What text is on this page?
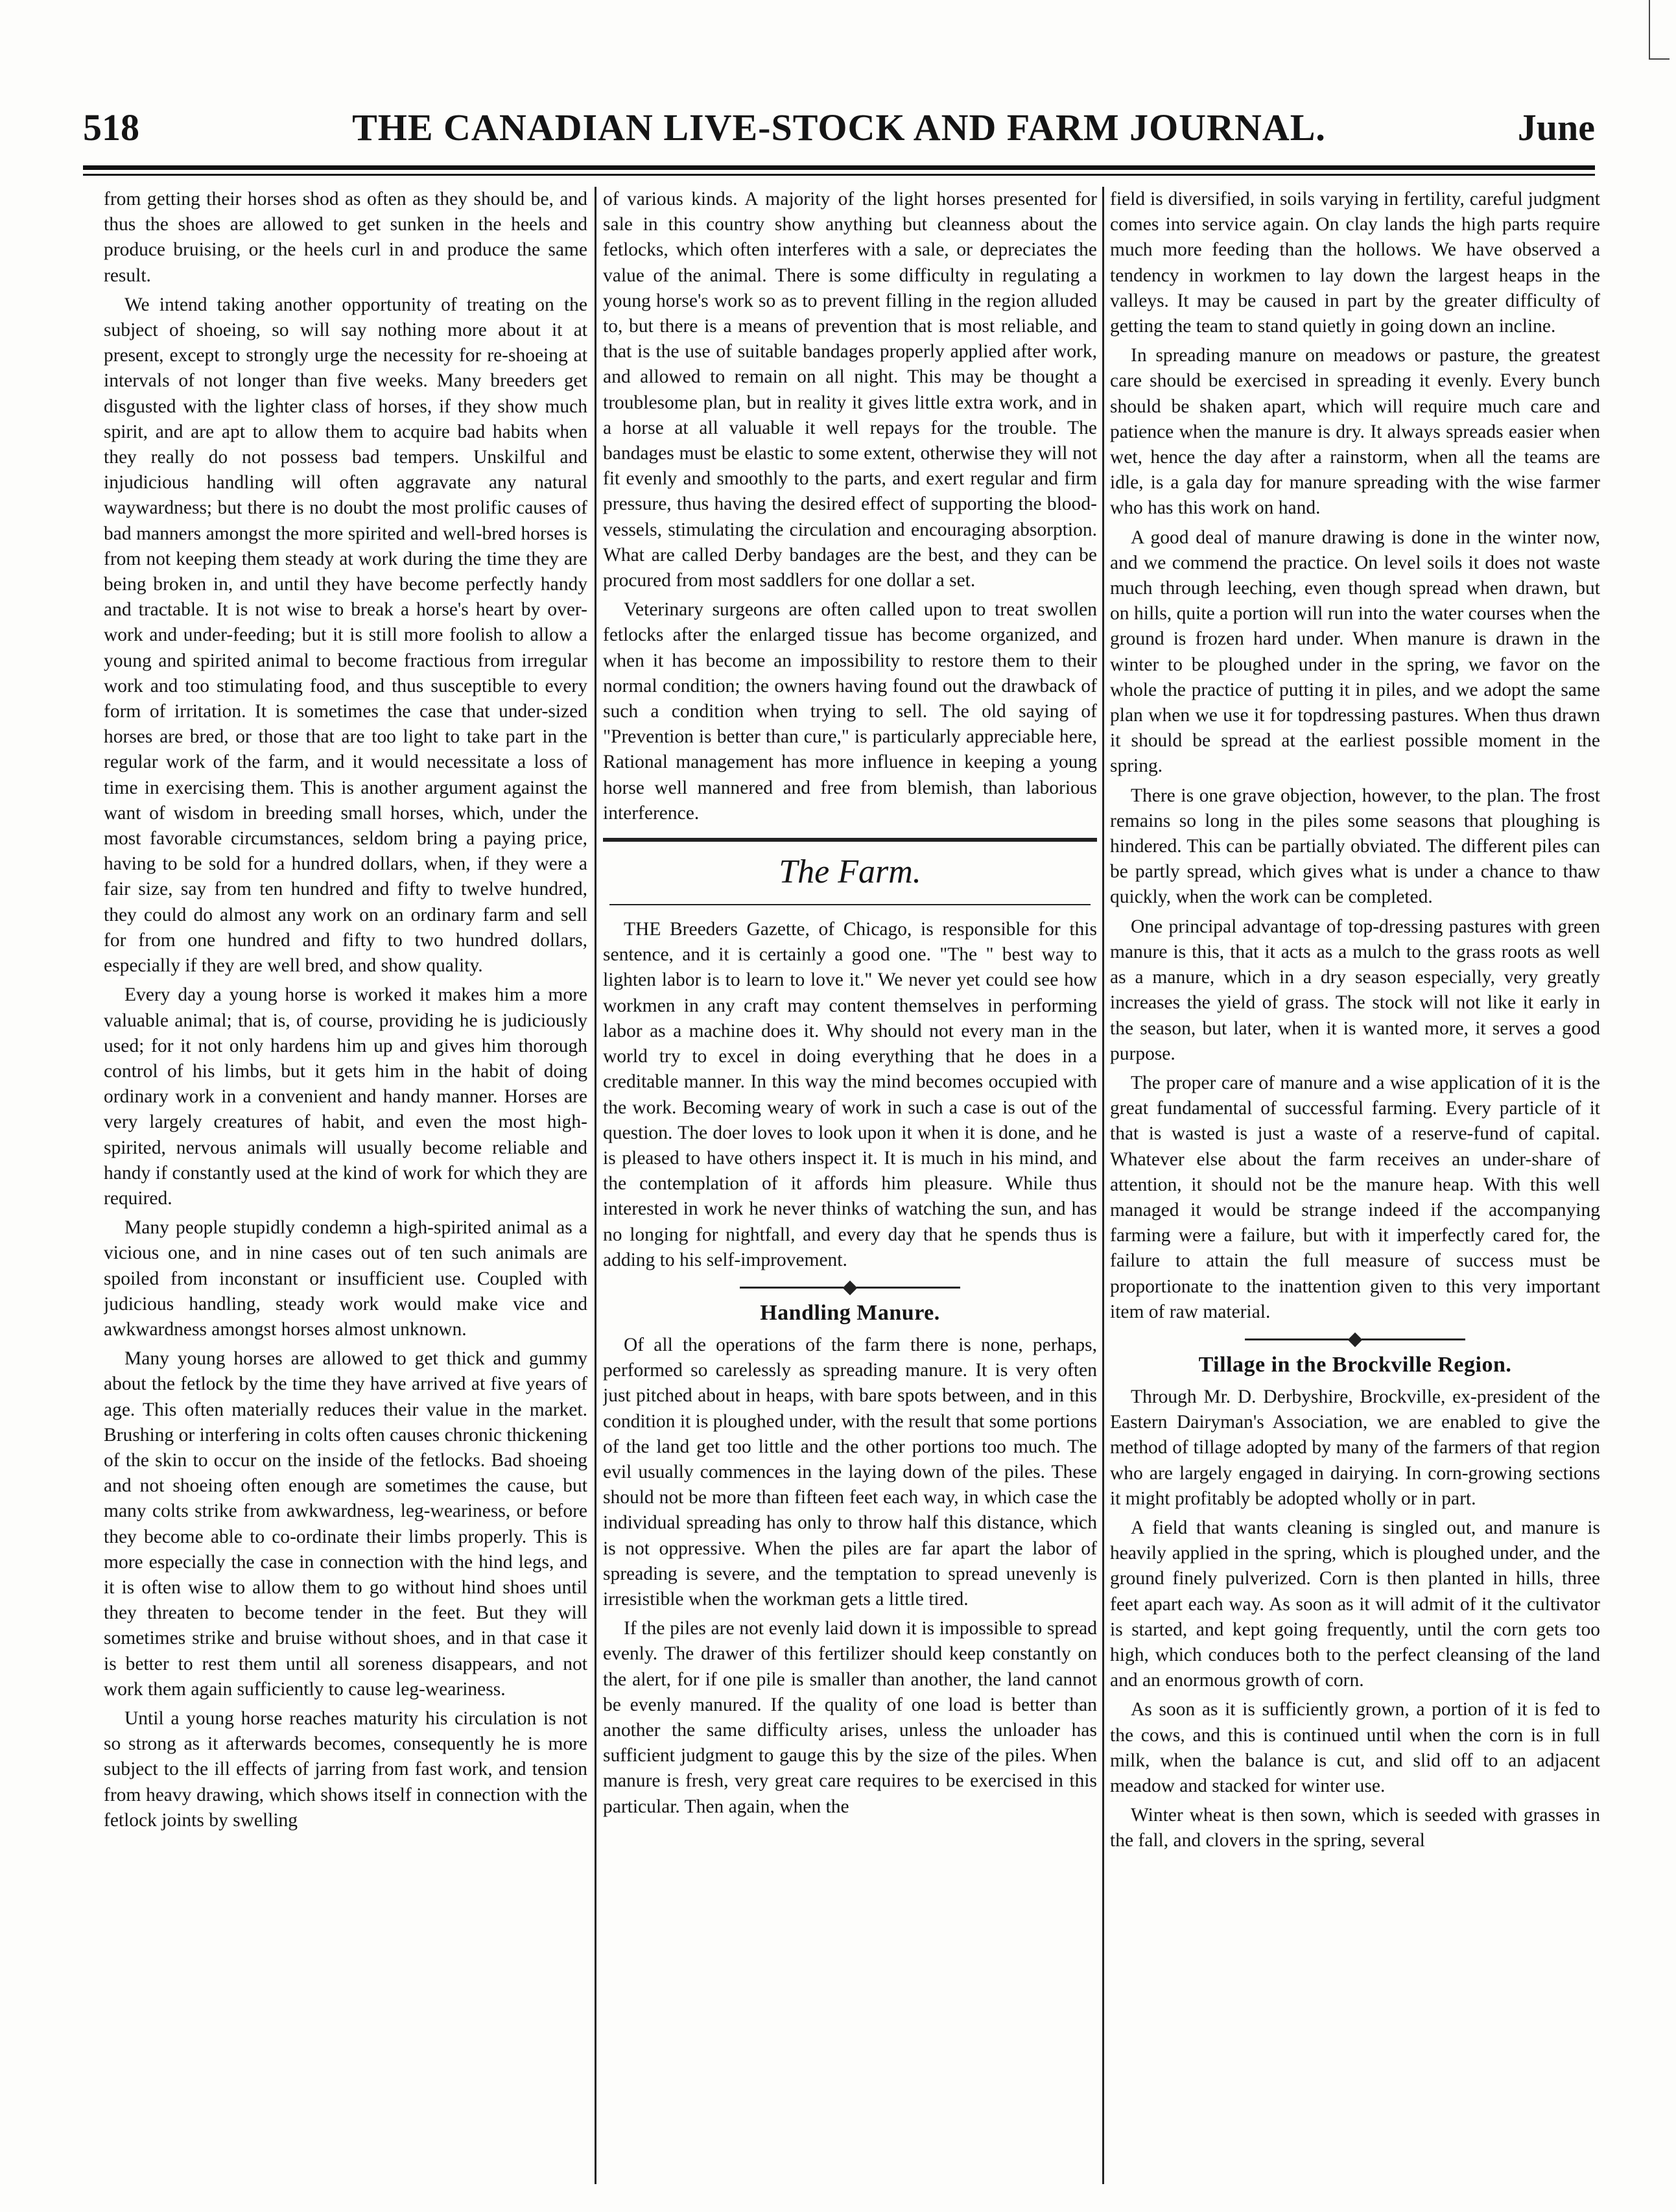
518	THE CANADIAN LIVE-STOCK AND FARM JOURNAL.	June

from getting their horses shod as often as they should be, and thus the shoes are allowed to get sunken in the heels and produce bruising, or the heels curl in and produce the same result.

We intend taking another opportunity of treating on the subject of shoeing, so will say nothing more about it at present, except to strongly urge the necessity for re-shoeing at intervals of not longer than five weeks. Many breeders get disgusted with the lighter class of horses, if they show much spirit, and are apt to allow them to acquire bad habits when they really do not possess bad tempers. Unskilful and injudicious handling will often aggravate any natural waywardness; but there is no doubt the most prolific causes of bad manners amongst the more spirited and well-bred horses is from not keeping them steady at work during the time they are being broken in, and until they have become perfectly handy and tractable. It is not wise to break a horse's heart by over-work and under-feeding; but it is still more foolish to allow a young and spirited animal to become fractious from irregular work and too stimulating food, and thus susceptible to every form of irritation. It is sometimes the case that under-sized horses are bred, or those that are too light to take part in the regular work of the farm, and it would necessitate a loss of time in exercising them. This is another argument against the want of wisdom in breeding small horses, which, under the most favorable circumstances, seldom bring a paying price, having to be sold for a hundred dollars, when, if they were a fair size, say from ten hundred and fifty to twelve hundred, they could do almost any work on an ordinary farm and sell for from one hundred and fifty to two hundred dollars, especially if they are well bred, and show quality.

Every day a young horse is worked it makes him a more valuable animal; that is, of course, providing he is judiciously used; for it not only hardens him up and gives him thorough control of his limbs, but it gets him in the habit of doing ordinary work in a convenient and handy manner. Horses are very largely creatures of habit, and even the most high-spirited, nervous animals will usually become reliable and handy if constantly used at the kind of work for which they are required.

Many people stupidly condemn a high-spirited animal as a vicious one, and in nine cases out of ten such animals are spoiled from inconstant or insufficient use. Coupled with judicious handling, steady work would make vice and awkwardness amongst horses almost unknown.

Many young horses are allowed to get thick and gummy about the fetlock by the time they have arrived at five years of age. This often materially reduces their value in the market. Brushing or interfering in colts often causes chronic thickening of the skin to occur on the inside of the fetlocks. Bad shoeing and not shoeing often enough are sometimes the cause, but many colts strike from awkwardness, leg-weariness, or before they become able to co-ordinate their limbs properly. This is more especially the case in connection with the hind legs, and it is often wise to allow them to go without hind shoes until they threaten to become tender in the feet. But they will sometimes strike and bruise without shoes, and in that case it is better to rest them until all soreness disappears, and not work them again sufficiently to cause leg-weariness.

Until a young horse reaches maturity his circulation is not so strong as it afterwards becomes, consequently he is more subject to the ill effects of jarring from fast work, and tension from heavy drawing, which shows itself in connection with the fetlock joints by swelling

of various kinds. A majority of the light horses presented for sale in this country show anything but cleanness about the fetlocks, which often interferes with a sale, or depreciates the value of the animal. There is some difficulty in regulating a young horse's work so as to prevent filling in the region alluded to, but there is a means of prevention that is most reliable, and that is the use of suitable bandages properly applied after work, and allowed to remain on all night. This may be thought a troublesome plan, but in reality it gives little extra work, and in a horse at all valuable it well repays for the trouble. The bandages must be elastic to some extent, otherwise they will not fit evenly and smoothly to the parts, and exert regular and firm pressure, thus having the desired effect of supporting the blood-vessels, stimulating the circulation and encouraging absorption. What are called Derby bandages are the best, and they can be procured from most saddlers for one dollar a set.

Veterinary surgeons are often called upon to treat swollen fetlocks after the enlarged tissue has become organized, and when it has become an impossibility to restore them to their normal condition; the owners having found out the drawback of such a condition when trying to sell. The old saying of "Prevention is better than cure," is particularly appreciable here, Rational management has more influence in keeping a young horse well mannered and free from blemish, than laborious interference.

The Farm.

THE Breeders Gazette, of Chicago, is responsible for this sentence, and it is certainly a good one. "The " best way to lighten labor is to learn to love it." We never yet could see how workmen in any craft may content themselves in performing labor as a machine does it. Why should not every man in the world try to excel in doing everything that he does in a creditable manner. In this way the mind becomes occupied with the work. Becoming weary of work in such a case is out of the question. The doer loves to look upon it when it is done, and he is pleased to have others inspect it. It is much in his mind, and the contemplation of it affords him pleasure. While thus interested in work he never thinks of watching the sun, and has no longing for nightfall, and every day that he spends thus is adding to his self-improvement.

Handling Manure.

Of all the operations of the farm there is none, perhaps, performed so carelessly as spreading manure. It is very often just pitched about in heaps, with bare spots between, and in this condition it is ploughed under, with the result that some portions of the land get too little and the other portions too much. The evil usually commences in the laying down of the piles. These should not be more than fifteen feet each way, in which case the individual spreading has only to throw half this distance, which is not oppressive. When the piles are far apart the labor of spreading is severe, and the temptation to spread unevenly is irresistible when the workman gets a little tired.

If the piles are not evenly laid down it is impossible to spread evenly. The drawer of this fertilizer should keep constantly on the alert, for if one pile is smaller than another, the land cannot be evenly manured. If the quality of one load is better than another the same difficulty arises, unless the unloader has sufficient judgment to gauge this by the size of the piles. When manure is fresh, very great care requires to be exercised in this particular. Then again, when the

field is diversified, in soils varying in fertility, careful judgment comes into service again. On clay lands the high parts require much more feeding than the hollows. We have observed a tendency in workmen to lay down the largest heaps in the valleys. It may be caused in part by the greater difficulty of getting the team to stand quietly in going down an incline.

In spreading manure on meadows or pasture, the greatest care should be exercised in spreading it evenly. Every bunch should be shaken apart, which will require much care and patience when the manure is dry. It always spreads easier when wet, hence the day after a rainstorm, when all the teams are idle, is a gala day for manure spreading with the wise farmer who has this work on hand.

A good deal of manure drawing is done in the winter now, and we commend the practice. On level soils it does not waste much through leeching, even though spread when drawn, but on hills, quite a portion will run into the water courses when the ground is frozen hard under. When manure is drawn in the winter to be ploughed under in the spring, we favor on the whole the practice of putting it in piles, and we adopt the same plan when we use it for topdressing pastures. When thus drawn it should be spread at the earliest possible moment in the spring.

There is one grave objection, however, to the plan. The frost remains so long in the piles some seasons that ploughing is hindered. This can be partially obviated. The different piles can be partly spread, which gives what is under a chance to thaw quickly, when the work can be completed.

One principal advantage of top-dressing pastures with green manure is this, that it acts as a mulch to the grass roots as well as a manure, which in a dry season especially, very greatly increases the yield of grass. The stock will not like it early in the season, but later, when it is wanted more, it serves a good purpose.

The proper care of manure and a wise application of it is the great fundamental of successful farming. Every particle of it that is wasted is just a waste of a reserve-fund of capital. Whatever else about the farm receives an under-share of attention, it should not be the manure heap. With this well managed it would be strange indeed if the accompanying farming were a failure, but with it imperfectly cared for, the failure to attain the full measure of success must be proportionate to the inattention given to this very important item of raw material.

Tillage in the Brockville Region.

Through Mr. D. Derbyshire, Brockville, ex-president of the Eastern Dairyman's Association, we are enabled to give the method of tillage adopted by many of the farmers of that region who are largely engaged in dairying. In corn-growing sections it might profitably be adopted wholly or in part.

A field that wants cleaning is singled out, and manure is heavily applied in the spring, which is ploughed under, and the ground finely pulverized. Corn is then planted in hills, three feet apart each way. As soon as it will admit of it the cultivator is started, and kept going frequently, until the corn gets too high, which conduces both to the perfect cleansing of the land and an enormous growth of corn.

As soon as it is sufficiently grown, a portion of it is fed to the cows, and this is continued until when the corn is in full milk, when the balance is cut, and slid off to an adjacent meadow and stacked for winter use.

Winter wheat is then sown, which is seeded with grasses in the fall, and clovers in the spring, several
